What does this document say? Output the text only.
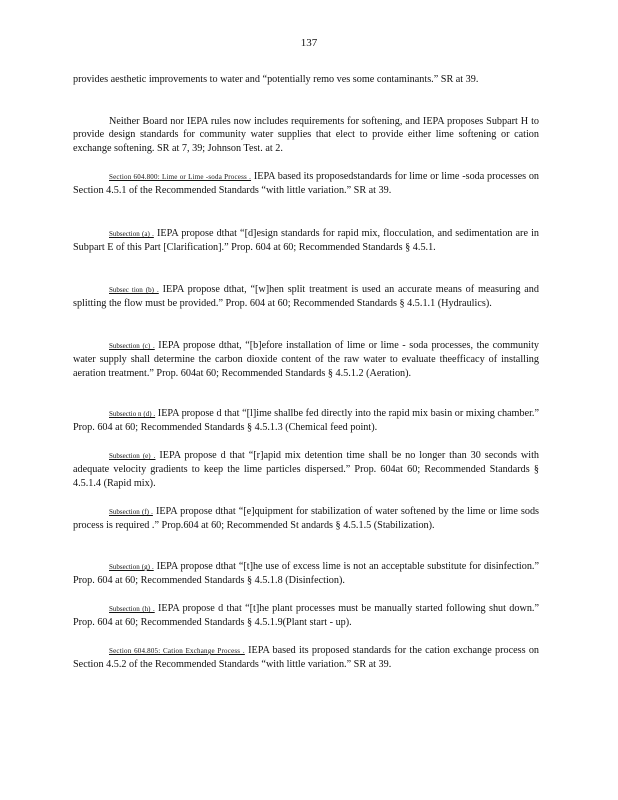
137

provides aesthetic improvements to water and “potentially remo ves some contaminants.” SR at 39.

Neither Board nor IEPA rules now includes requirements for softening, and IEPA proposes Subpart H to provide design standards for community water supplies that elect to provide either lime softening or cation exchange softening. SR at 7, 39; Johnson Test. at 2.

Section 604.800: Lime or Lime -soda Process . IEPA based its proposedstandards for lime or lime -soda processes on Section 4.5.1 of the Recommended Standards “with little variation.” SR at 39.

Subsection (a) . IEPA propose dthat “[d]esign standards for rapid mix, flocculation, and sedimentation are in Subpart E of this Part [Clarification].” Prop. 604 at 60; Recommended Standards § 4.5.1.

Subsec tion (b) . IEPA propose dthat, “[w]hen split treatment is used an accurate means of measuring and splitting the flow must be provided.” Prop. 604 at 60; Recommended Standards § 4.5.1.1 (Hydraulics).

Subsection (c) . IEPA propose dthat, “[b]efore installation of lime or lime - soda processes, the community water supply shall determine the carbon dioxide content of the raw water to evaluate theefficacy of installing aeration treatment.” Prop. 604at 60; Recommended Standards § 4.5.1.2 (Aeration).

Subsectio n (d) . IEPA propose d that “[l]ime shallbe fed directly into the rapid mix basin or mixing chamber.” Prop. 604 at 60; Recommended Standards § 4.5.1.3 (Chemical feed point).

Subsection (e) . IEPA propose d that “[r]apid mix detention time shall be no longer than 30 seconds with adequate velocity gradients to keep the lime particles dispersed.” Prop. 604at 60; Recommended Standards § 4.5.1.4 (Rapid mix).

Subsection (f) . IEPA propose dthat “[e]quipment for stabilization of water softened by the lime or lime sods process is required .” Prop.604 at 60; Recommended St andards § 4.5.1.5 (Stabilization).

Subsection (g) . IEPA propose dthat “[t]he use of excess lime is not an acceptable substitute for disinfection.” Prop. 604 at 60; Recommended Standards § 4.5.1.8 (Disinfection).

Subsection (h) . IEPA propose d that “[t]he plant processes must be manually started following shut down.” Prop. 604 at 60; Recommended Standards § 4.5.1.9(Plant start - up).

Section 604.805: Cation Exchange Process . IEPA based its proposed standards for the cation exchange process on Section 4.5.2 of the Recommended Standards “with little variation.” SR at 39.
